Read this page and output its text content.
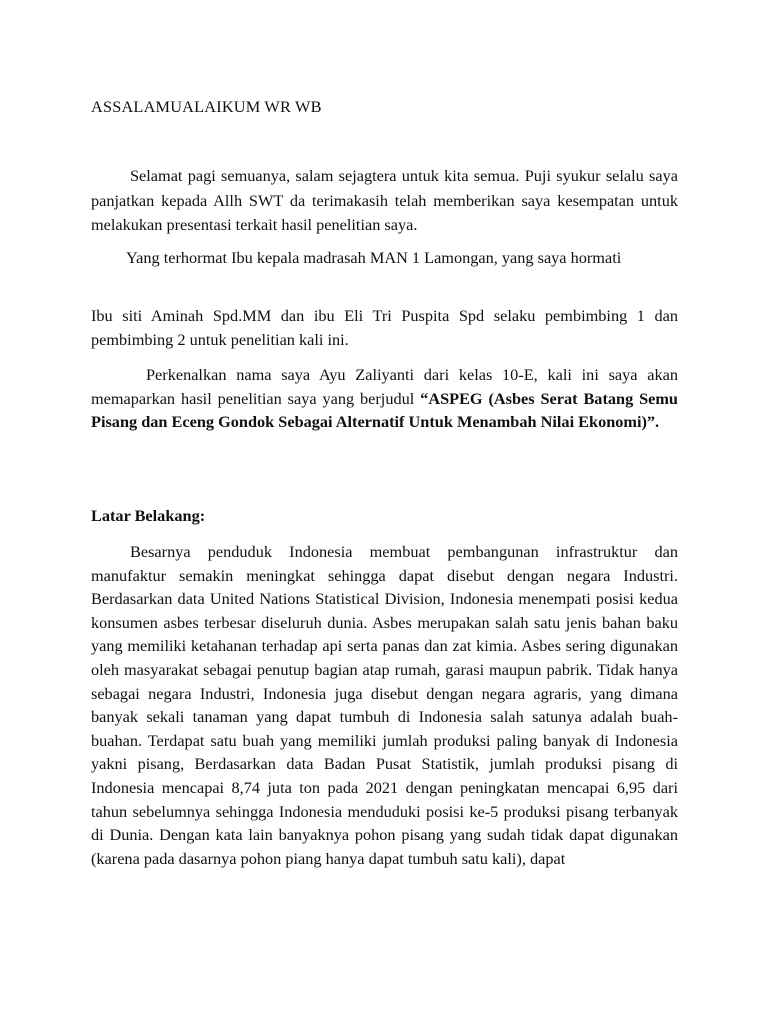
ASSALAMUALAIKUM WR WB
Selamat pagi semuanya, salam sejagtera untuk kita semua. Puji syukur selalu saya panjatkan kepada Allh SWT da terimakasih telah memberikan saya kesempatan untuk melakukan presentasi terkait hasil penelitian saya.
Yang terhormat Ibu kepala madrasah MAN 1 Lamongan, yang saya hormati
Ibu siti Aminah Spd.MM dan ibu Eli Tri Puspita Spd selaku pembimbing 1 dan pembimbing 2 untuk penelitian kali ini.
Perkenalkan nama saya Ayu Zaliyanti dari kelas 10-E, kali ini saya akan memaparkan hasil penelitian saya yang berjudul “ASPEG (Asbes Serat Batang Semu Pisang dan Eceng Gondok Sebagai Alternatif Untuk Menambah Nilai Ekonomi)”.
Latar Belakang:
Besarnya penduduk Indonesia membuat pembangunan infrastruktur dan manufaktur semakin meningkat sehingga dapat disebut dengan negara Industri. Berdasarkan data United Nations Statistical Division, Indonesia menempati posisi kedua konsumen asbes terbesar diseluruh dunia. Asbes merupakan salah satu jenis bahan baku yang memiliki ketahanan terhadap api serta panas dan zat kimia. Asbes sering digunakan oleh masyarakat sebagai penutup bagian atap rumah, garasi maupun pabrik. Tidak hanya sebagai negara Industri, Indonesia juga disebut dengan negara agraris, yang dimana banyak sekali tanaman yang dapat tumbuh di Indonesia salah satunya adalah buah-buahan. Terdapat satu buah yang memiliki jumlah produksi paling banyak di Indonesia yakni pisang, Berdasarkan data Badan Pusat Statistik, jumlah produksi pisang di Indonesia mencapai 8,74 juta ton pada 2021 dengan peningkatan mencapai 6,95 dari tahun sebelumnya sehingga Indonesia menduduki posisi ke-5 produksi pisang terbanyak di Dunia. Dengan kata lain banyaknya pohon pisang yang sudah tidak dapat digunakan (karena pada dasarnya pohon piang hanya dapat tumbuh satu kali), dapat
